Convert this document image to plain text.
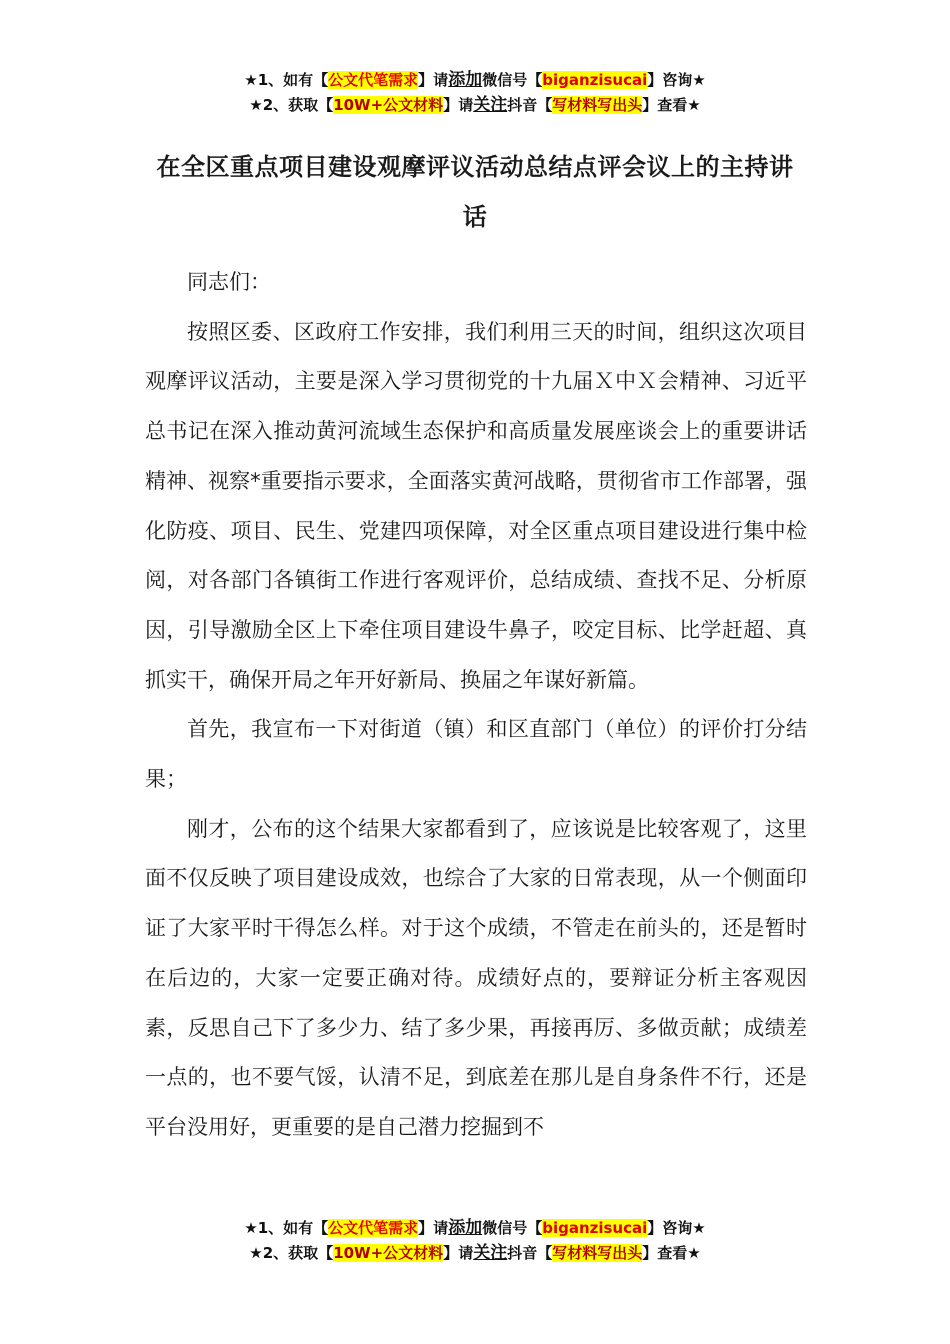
★1、如有【公文代笔需求】请添加微信号【biganzisucai】咨询★
★2、获取【10W+公文材料】请关注抖音【写材料写出头】查看★
在全区重点项目建设观摩评议活动总结点评会议上的主持讲话

同志们：

按照区委、区政府工作安排，我们利用三天的时间，组织这次项目观摩评议活动，主要是深入学习贯彻党的十九届Ｘ中Ｘ会精神、习近平总书记在深入推动黄河流域生态保护和高质量发展座谈会上的重要讲话精神、视察*重要指示要求，全面落实黄河战略，贯彻省市工作部署，强化防疫、项目、民生、党建四项保障，对全区重点项目建设进行集中检阅，对各部门各镇街工作进行客观评价，总结成绩、查找不足、分析原因，引导激励全区上下牵住项目建设牛鼻子，咬定目标、比学赶超、真抓实干，确保开局之年开好新局、换届之年谋好新篇。

首先，我宣布一下对街道（镇）和区直部门（单位）的评价打分结果；

刚才，公布的这个结果大家都看到了，应该说是比较客观了，这里面不仅反映了项目建设成效，也综合了大家的日常表现，从一个侧面印证了大家平时干得怎么样。对于这个成绩，不管走在前头的，还是暂时在后边的，大家一定要正确对待。成绩好点的，要辩证分析主客观因素，反思自己下了多少力、结了多少果，再接再厉、多做贡献；成绩差一点的，也不要气馁，认清不足，到底差在那儿是自身条件不行，还是平台没用好，更重要的是自己潜力挖掘到不

★1、如有【公文代笔需求】请添加微信号【biganzisucai】咨询★
★2、获取【10W+公文材料】请关注抖音【写材料写出头】查看★
